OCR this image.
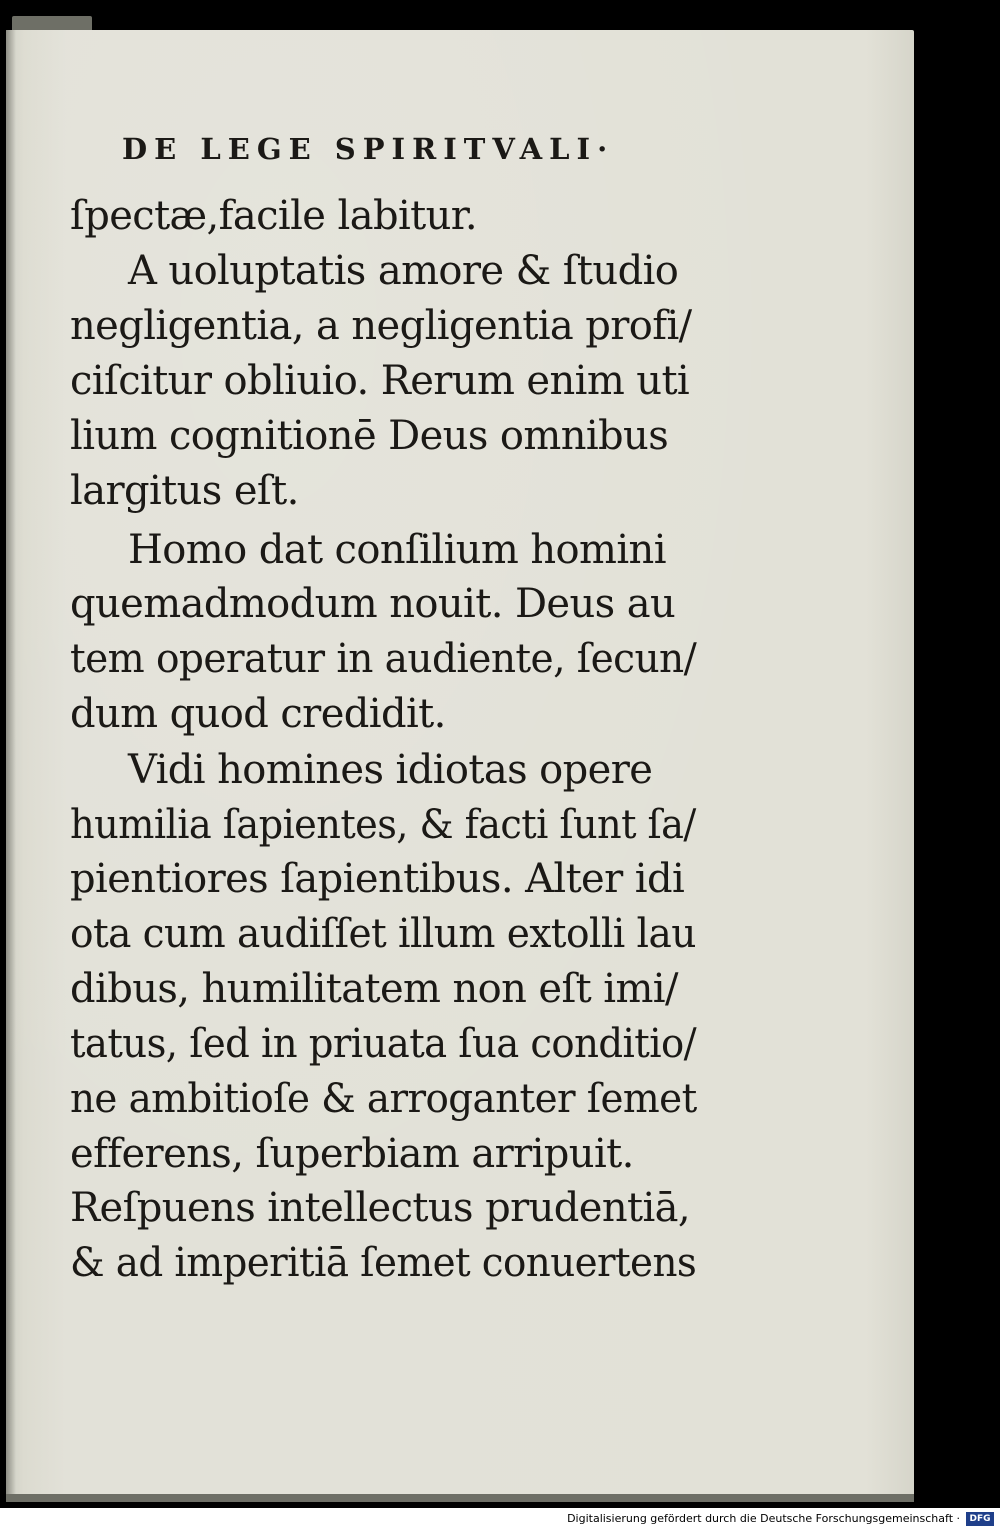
DE LEGE SPIRITVALI·
ſpectæ,facile labitur.
A uoluptatis amore & ſtudio
negligentia, a negligentia profi/
ciſcitur obliuio. Rerum enim uti
lium cognitionē Deus omnibus
largitus eſt.
Homo dat conſilium homini
quemadmodum nouit. Deus au
tem operatur in audiente, ſecun/
dum quod credidit.
Vidi homines idiotas opere
humilia ſapientes, & facti ſunt ſa/
pientiores ſapientibus. Alter idi
ota cum audiſſet illum extolli lau
dibus, humilitatem non eſt imi/
tatus, ſed in priuata ſua conditio/
ne ambitioſe & arroganter ſemet
efferens, ſuperbiam arripuit.
Reſpuens intellectus prudentiā,
& ad imperitiā ſemet conuertens
Digitalisierung gefördert durch die Deutsche Forschungsgemeinschaft ·	DFG
